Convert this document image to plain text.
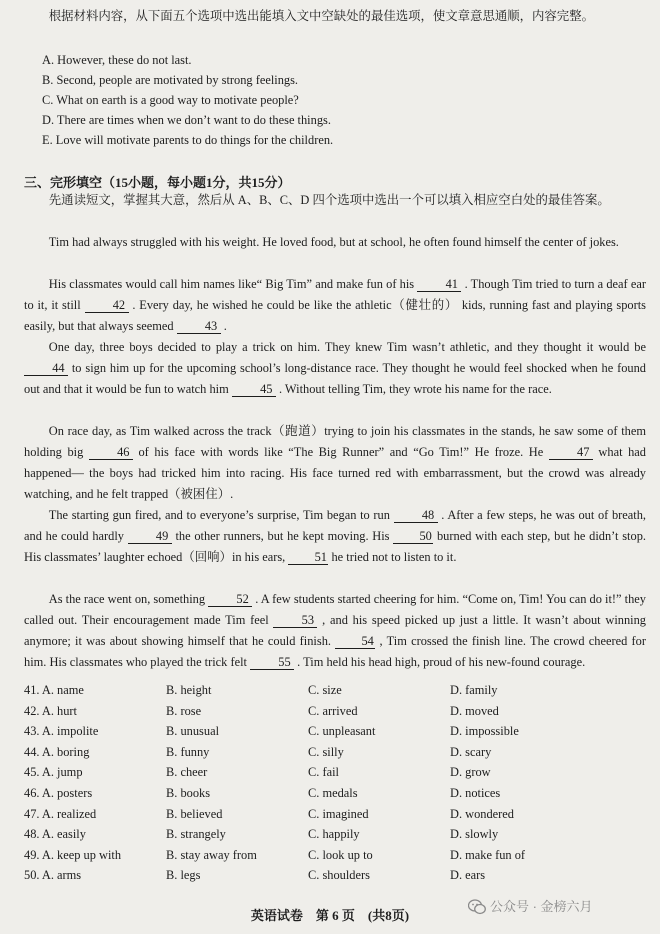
根据材料内容，从下面五个选项中选出能填入文中空缺处的最佳选项，使文章意思通顺，内容完整。

A. However, these do not last.
B. Second, people are motivated by strong feelings.
C. What on earth is a good way to motivate people?
D. There are times when we don’t want to do these things.
E. Love will motivate parents to do things for the children.
三、完形填空（15小题，每小题1分，共15分）

先通读短文，掌握其大意，然后从 A、B、C、D 四个选项中选出一个可以填入相应空白处的最佳答案。

Tim had always struggled with his weight. He loved food, but at school, he often found himself the center of jokes.

His classmates would call him names like“ Big Tim” and make fun of his 41 . Though Tim tried to turn a deaf ear to it, it still 42 . Every day, he wished he could be like the athletic（健壮的） kids, running fast and playing sports easily, but that always seemed 43 .

One day, three boys decided to play a trick on him. They knew Tim wasn’t athletic, and they thought it would be 44 to sign him up for the upcoming school’s long-distance race. They thought he would feel shocked when he found out and that it would be fun to watch him 45 . Without telling Tim, they wrote his name for the race.

On race day, as Tim walked across the track（跑道）trying to join his classmates in the stands, he saw some of them holding big 46 of his face with words like “The Big Runner” and “Go Tim!” He froze. He 47 what had happened— the boys had tricked him into racing. His face turned red with embarrassment, but the crowd was already watching, and he felt trapped（被困住）.

The starting gun fired, and to everyone’s surprise, Tim began to run 48 . After a few steps, he was out of breath, and he could hardly 49 the other runners, but he kept moving. His 50 burned with each step, but he didn’t stop. His classmates’ laughter echoed（回响）in his ears, 51 he tried not to listen to it.

As the race went on, something 52 . A few students started cheering for him. “Come on, Tim! You can do it!” they called out. Their encouragement made Tim feel 53 , and his speed picked up just a little. It wasn’t about winning anymore; it was about showing himself that he could finish. 54 , Tim crossed the finish line. The crowd cheered for him. His classmates who played the trick felt 55 . Tim held his head high, proud of his new-found courage.

41. A. name	B. height	C. size	D. family
42. A. hurt	B. rose	C. arrived	D. moved
43. A. impolite	B. unusual	C. unpleasant	D. impossible
44. A. boring	B. funny	C. silly	D. scary
45. A. jump	B. cheer	C. fail	D. grow
46. A. posters	B. books	C. medals	D. notices
47. A. realized	B. believed	C. imagined	D. wondered
48. A. easily	B. strangely	C. happily	D. slowly
49. A. keep up with	B. stay away from	C. look up to	D. make fun of
50. A. arms	B. legs	C. shoulders	D. ears
英语试卷　第 6 页　(共8页)
公众号 · 金榜六月
